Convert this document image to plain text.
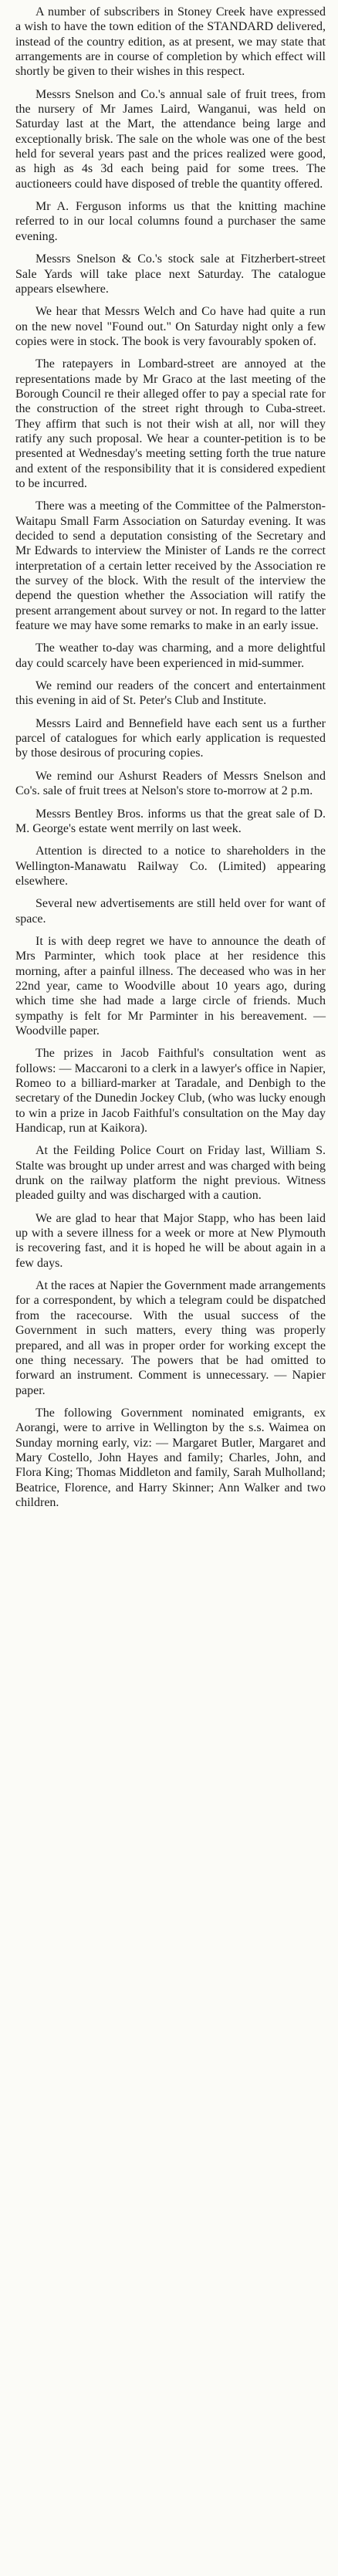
A number of subscribers in Stoney Creek have expressed a wish to have the town edition of the STANDARD delivered, instead of the country edition, as at present, we may state that arrangements are in course of completion by which effect will shortly be given to their wishes in this respect.

Messrs Snelson and Co.'s annual sale of fruit trees, from the nursery of Mr James Laird, Wanganui, was held on Saturday last at the Mart, the attendance being large and exceptionally brisk. The sale on the whole was one of the best held for several years past and the prices realized were good, as high as 4s 3d each being paid for some trees. The auctioneers could have disposed of treble the quantity offered.

Mr A. Ferguson informs us that the knitting machine referred to in our local columns found a purchaser the same evening.

Messrs Snelson & Co.'s stock sale at Fitzherbert-street Sale Yards will take place next Saturday. The catalogue appears elsewhere.

We hear that Messrs Welch and Co have had quite a run on the new novel "Found out." On Saturday night only a few copies were in stock. The book is very favourably spoken of.

The ratepayers in Lombard-street are annoyed at the representations made by Mr Graco at the last meeting of the Borough Council re their alleged offer to pay a special rate for the construction of the street right through to Cuba-street. They affirm that such is not their wish at all, nor will they ratify any such proposal. We hear a counter-petition is to be presented at Wednesday's meeting setting forth the true nature and extent of the responsibility that it is considered expedient to be incurred.

There was a meeting of the Committee of the Palmerston-Waitapu Small Farm Association on Saturday evening. It was decided to send a deputation consisting of the Secretary and Mr Edwards to interview the Minister of Lands re the correct interpretation of a certain letter received by the Association re the survey of the block. With the result of the interview the depend the question whether the Association will ratify the present arrangement about survey or not. In regard to the latter feature we may have some remarks to make in an early issue.

The weather to-day was charming, and a more delightful day could scarcely have been experienced in mid-summer.

We remind our readers of the concert and entertainment this evening in aid of St. Peter's Club and Institute.

Messrs Laird and Bennefield have each sent us a further parcel of catalogues for which early application is requested by those desirous of procuring copies.

We remind our Ashurst Readers of Messrs Snelson and Co's. sale of fruit trees at Nelson's store to-morrow at 2 p.m.

Messrs Bentley Bros. informs us that the great sale of D. M. George's estate went merrily on last week.

Attention is directed to a notice to shareholders in the Wellington-Manawatu Railway Co. (Limited) appearing elsewhere.

Several new advertisements are still held over for want of space.

It is with deep regret we have to announce the death of Mrs Parminter, which took place at her residence this morning, after a painful illness. The deceased who was in her 22nd year, came to Woodville about 10 years ago, during which time she had made a large circle of friends. Much sympathy is felt for Mr Parminter in his bereavement. — Woodville paper.

The prizes in Jacob Faithful's consultation went as follows: — Maccaroni to a clerk in a lawyer's office in Napier, Romeo to a billiard-marker at Taradale, and Denbigh to the secretary of the Dunedin Jockey Club, (who was lucky enough to win a prize in Jacob Faithful's consultation on the May day Handicap, run at Kaikora).

At the Feilding Police Court on Friday last, William S. Stalte was brought up under arrest and was charged with being drunk on the railway platform the night previous. Witness pleaded guilty and was discharged with a caution.

We are glad to hear that Major Stapp, who has been laid up with a severe illness for a week or more at New Plymouth is recovering fast, and it is hoped he will be about again in a few days.

At the races at Napier the Government made arrangements for a correspondent, by which a telegram could be dispatched from the racecourse. With the usual success of the Government in such matters, every thing was properly prepared, and all was in proper order for working except the one thing necessary. The powers that be had omitted to forward an instrument. Comment is unnecessary. — Napier paper.

The following Government nominated emigrants, ex Aorangi, were to arrive in Wellington by the s.s. Waimea on Sunday morning early, viz: — Margaret Butler, Margaret and Mary Costello, John Hayes and family; Charles, John, and Flora King; Thomas Middleton and family, Sarah Mulholland; Beatrice, Florence, and Harry Skinner; Ann Walker and two children.
